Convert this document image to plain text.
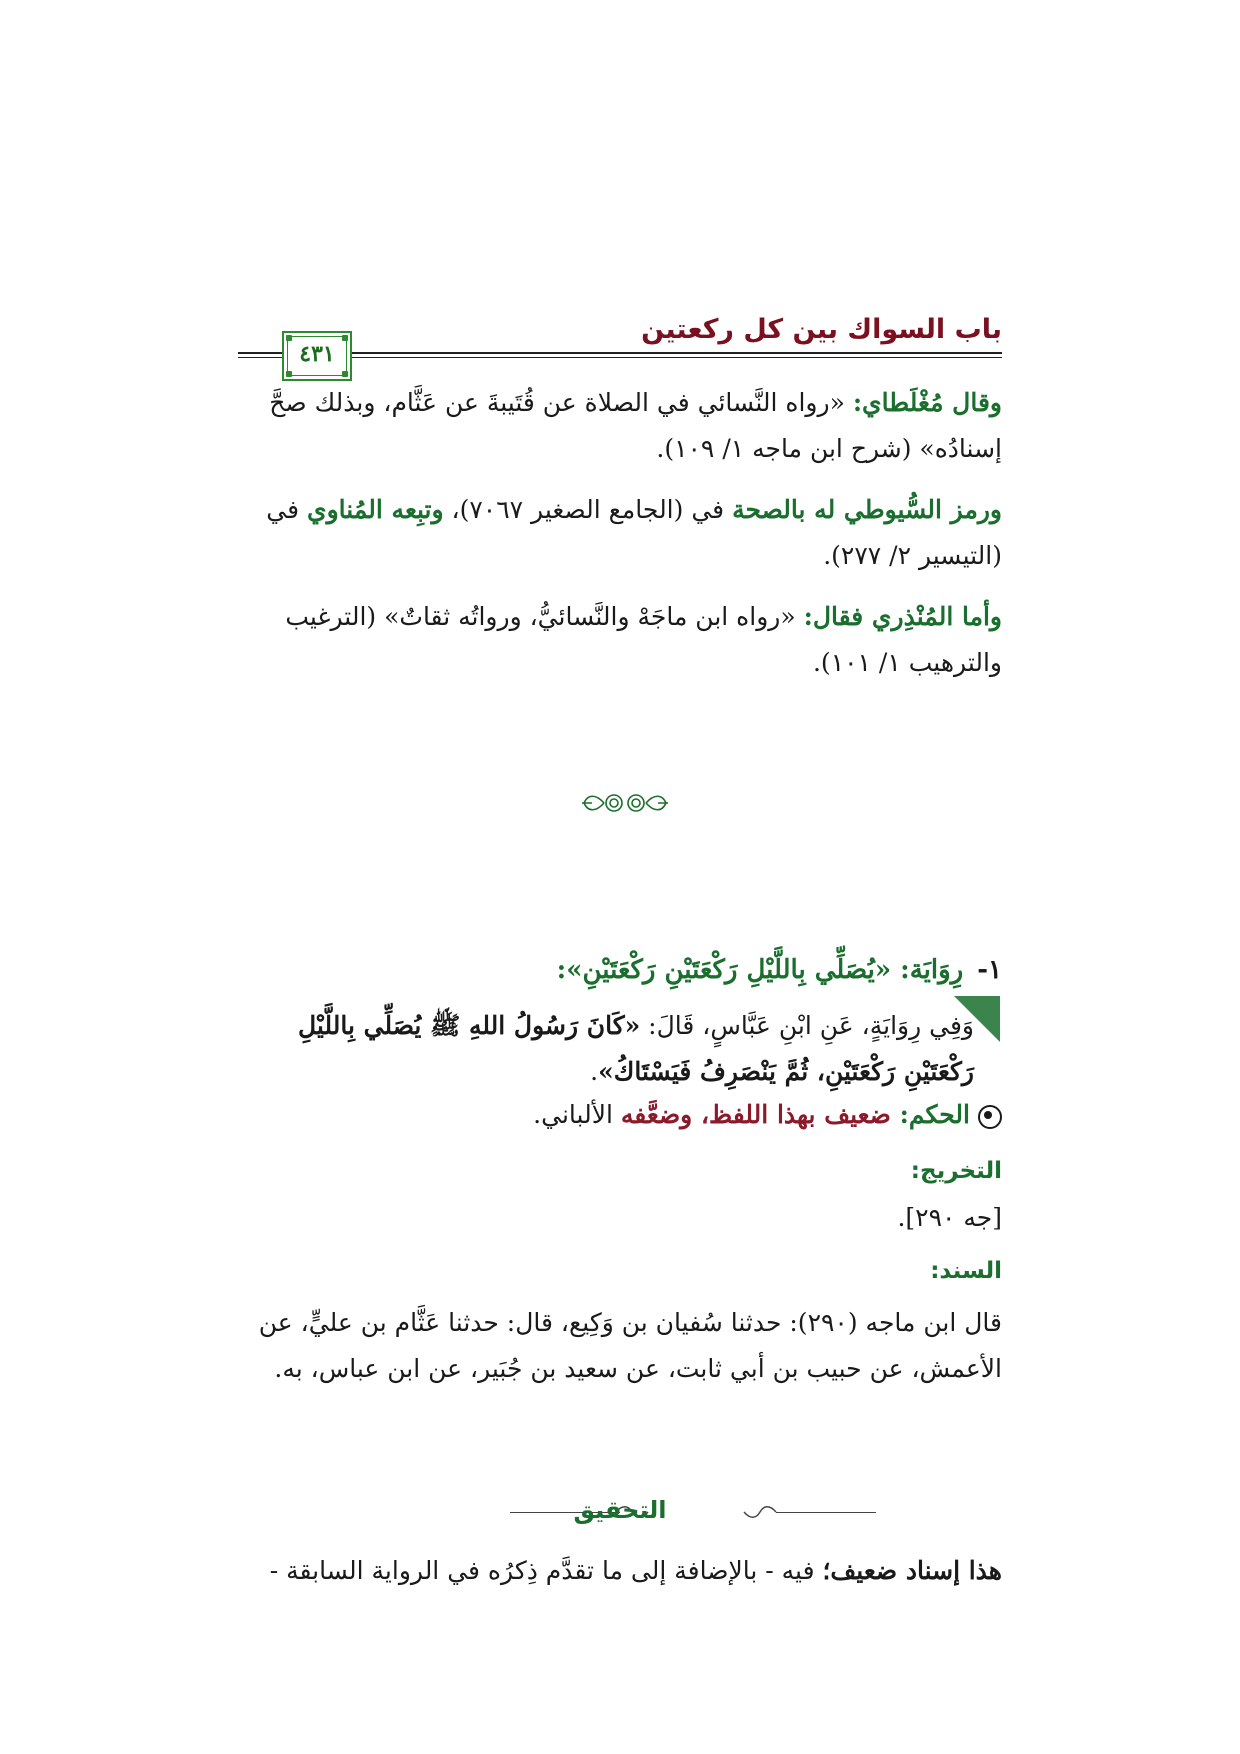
باب السواك بين كل ركعتين
٤٣١
وقال مُغْلَطاي: «رواه النَّسائي في الصلاة عن قُتَيبةَ عن عَثَّام، وبذلك صحَّ إسنادُه» (شرح ابن ماجه ١/ ١٠٩).
ورمز السُّيوطي له بالصحة في (الجامع الصغير ٧٠٦٧)، وتبِعه المُناوي في (التيسير ٢/ ٢٧٧).
وأما المُنْذِري فقال: «رواه ابن ماجَهْ والنَّسائيُّ، ورواتُه ثقاتٌ» (الترغيب والترهيب ١/ ١٠١).
١-رِوَايَة: «يُصَلِّي بِاللَّيْلِ رَكْعَتَيْنِ رَكْعَتَيْنِ»:
وَفِي رِوَايَةٍ، عَنِ ابْنِ عَبَّاسٍ، قَالَ: «كَانَ رَسُولُ اللهِ ﷺ يُصَلِّي بِاللَّيْلِ رَكْعَتَيْنِ رَكْعَتَيْنِ، ثُمَّ يَنْصَرِفُ فَيَسْتَاكُ».
الحكم: ضعيف بهذا اللفظ، وضعَّفه الألباني.
التخريج:
[جه ٢٩٠].
السند:
قال ابن ماجه (٢٩٠): حدثنا سُفيان بن وَكِيع، قال: حدثنا عَثَّام بن عليٍّ، عن الأعمش، عن حبيب بن أبي ثابت، عن سعيد بن جُبَير، عن ابن عباس، به.
التحقيق
هذا إسناد ضعيف؛ فيه - بالإضافة إلى ما تقدَّم ذِكرُه في الرواية السابقة -
